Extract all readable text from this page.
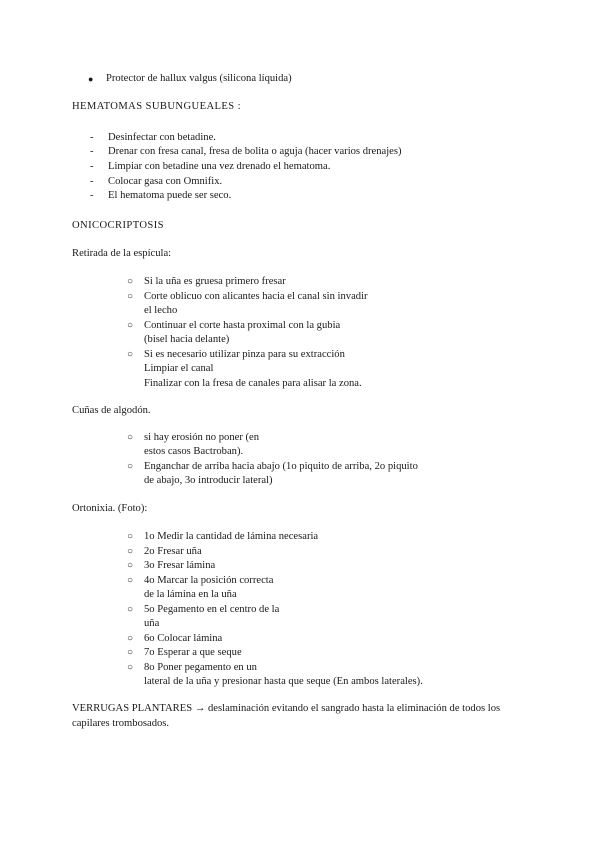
● Protector de hallux valgus (silicona líquida)
HEMATOMAS SUBUNGUEALES :
-	Desinfectar con betadine.
-	Drenar con fresa canal, fresa de bolita o aguja (hacer varios drenajes)
-	Limpiar con betadine una vez drenado el hematoma.
-	Colocar gasa con Omnifix.
-	El hematoma puede ser seco.
ONICOCRIPTOSIS
Retirada de la espícula:
○ Si la uña es gruesa primero fresar
○ Corte oblicuo con alicantes hacia el canal sin invadir
el lecho
○ Continuar el corte hasta proximal con la gubia
(bisel hacia delante)
○ Si es necesario utilizar pinza para su extracción
Limpiar el canal
Finalizar con la fresa de canales para alisar la zona.
Cuñas de algodón.
○ si hay erosión no poner (en
estos casos Bactroban).
○ Enganchar de arriba hacia abajo (1o piquito de arriba, 2o piquito
de abajo, 3o introducir lateral)
Ortonixia. (Foto):
○ 1o Medir la cantidad de lámina necesaria
○ 2o Fresar uña
○ 3o Fresar lámina
○ 4o Marcar la posición correcta
de la lámina en la uña
○ 5o Pegamento en el centro de la
uña
○ 6o Colocar lámina
○ 7o Esperar a que seque
○ 8o Poner pegamento en un
lateral de la uña y presionar hasta que seque (En ambos laterales).
VERRUGAS PLANTARES → deslaminación evitando el sangrado hasta la eliminación de todos los
capilares trombosados.
